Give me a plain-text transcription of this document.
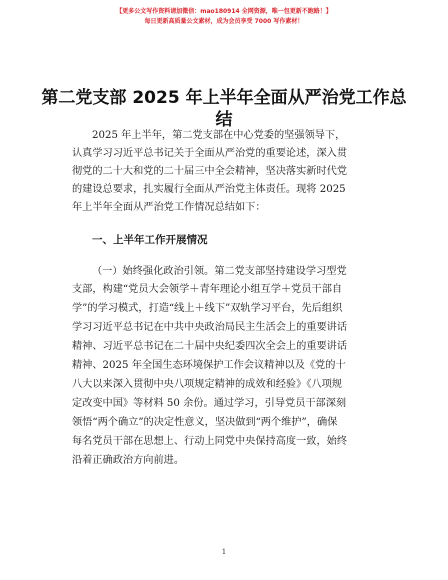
【更多公文写作资料请加微信：mao180914 全网资源，唯一包更新不跑路！】
每日更新高质量公文素材，成为会员享受 7000 写作素材！
第二党支部 2025 年上半年全面从严治党工作总
结
2025 年上半年，第二党支部在中心党委的坚强领导下，
认真学习习近平总书记关于全面从严治党的重要论述，深入贯
彻党的二十大和党的二十届三中全会精神，坚决落实新时代党
的建设总要求，扎实履行全面从严治党主体责任。现将 2025
年上半年全面从严治党工作情况总结如下：
一、上半年工作开展情况
（一）始终强化政治引领。第二党支部坚持建设学习型党
支部，构建“党员大会领学＋青年理论小组互学＋党员干部自
学”的学习模式，打造“线上＋线下”双轨学习平台，先后组织
学习习近平总书记在中共中央政治局民主生活会上的重要讲话
精神、习近平总书记在二十届中央纪委四次全会上的重要讲话
精神、2025 年全国生态环境保护工作会议精神以及《党的十
八大以来深入贯彻中央八项规定精神的成效和经验》《八项规
定改变中国》等材料 50 余份。通过学习，引导党员干部深刻
领悟“两个确立”的决定性意义，坚决做到“两个维护”，确保
每名党员干部在思想上、行动上同党中央保持高度一致，始终
沿着正确政治方向前进。
1
